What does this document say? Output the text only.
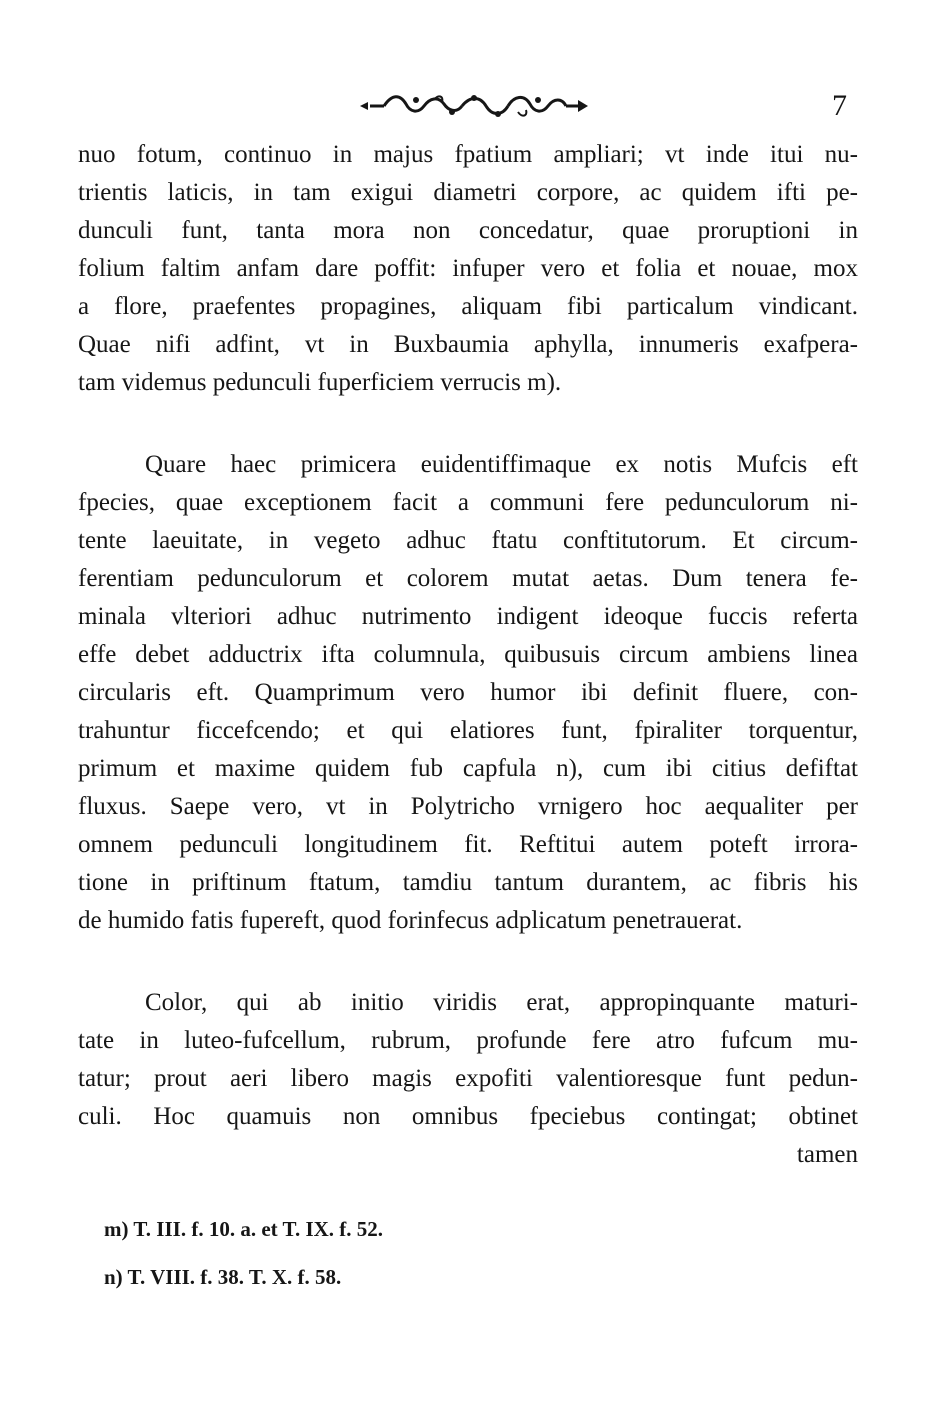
7
nuo fotum, continuo in majus fpatium ampliari; vt inde itui nu-
trientis laticis, in tam exigui diametri corpore, ac quidem ifti pe-
dunculi funt, tanta mora non concedatur, quae proruptioni in
folium faltim anfam dare poffit: infuper vero et folia et nouae, mox
a flore, praefentes propagines, aliquam fibi particalum vindicant.
Quae nifi adfint, vt in Buxbaumia aphylla, innumeris exafpera-
tam videmus pedunculi fuperficiem verrucis m).
Quare haec primicera euidentiffimaque ex notis Mufcis eft
fpecies, quae exceptionem facit a communi fere pedunculorum ni-
tente laeuitate, in vegeto adhuc ftatu conftitutorum. Et circum-
ferentiam pedunculorum et colorem mutat aetas. Dum tenera fe-
minala vlteriori adhuc nutrimento indigent ideoque fuccis referta
effe debet adductrix ifta columnula, quibusuis circum ambiens linea
circularis eft. Quamprimum vero humor ibi definit fluere, con-
trahuntur ficcefcendo; et qui elatiores funt, fpiraliter torquentur,
primum et maxime quidem fub capfula n), cum ibi citius defiftat
fluxus. Saepe vero, vt in Polytricho vrnigero hoc aequaliter per
omnem pedunculi longitudinem fit. Reftitui autem poteft irrora-
tione in priftinum ftatum, tamdiu tantum durantem, ac fibris his
de humido fatis fupereft, quod forinfecus adplicatum penetrauerat.
Color, qui ab initio viridis erat, appropinquante maturi-
tate in luteo-fufcellum, rubrum, profunde fere atro fufcum mu-
tatur; prout aeri libero magis expofiti valentioresque funt pedun-
culi. Hoc quamuis non omnibus fpeciebus contingat; obtinet
tamen
m) T. III. f. 10. a. et T. IX. f. 52.
n) T. VIII. f. 38. T. X. f. 58.
